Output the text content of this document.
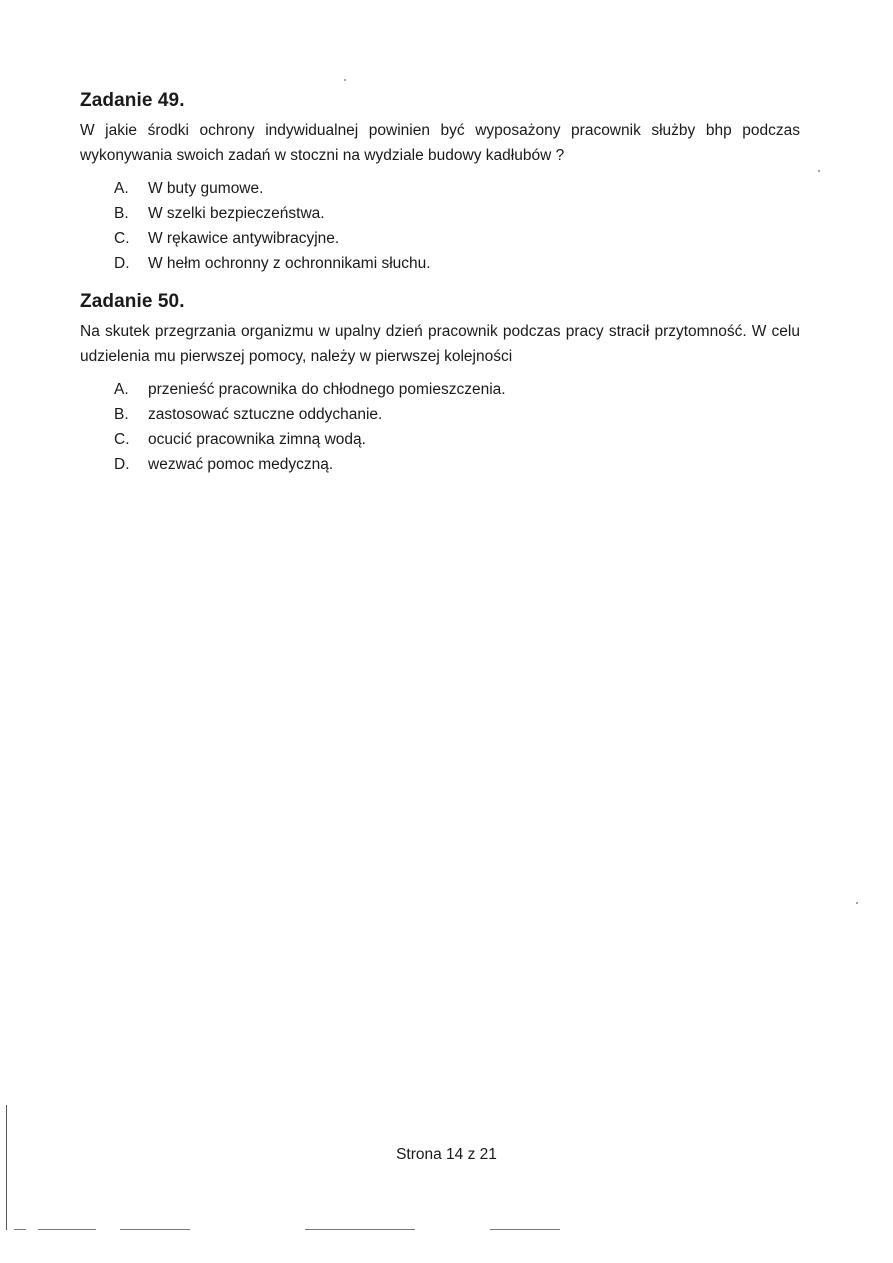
Zadanie 49.

W jakie środki ochrony indywidualnej powinien być wyposażony pracownik służby bhp podczas wykonywania swoich zadań w stoczni na wydziale budowy kadłubów ?

A.	W buty gumowe.
B.	W szelki bezpieczeństwa.
C.	W rękawice antywibracyjne.
D.	W hełm ochronny z ochronnikami słuchu.
Zadanie 50.

Na skutek przegrzania organizmu w upalny dzień pracownik podczas pracy stracił przytomność. W celu udzielenia mu pierwszej pomocy, należy w pierwszej kolejności

A.	przenieść pracownika do chłodnego pomieszczenia.
B.	zastosować sztuczne oddychanie.
C.	ocucić pracownika zimną wodą.
D.	wezwać pomoc medyczną.
Strona 14 z 21
